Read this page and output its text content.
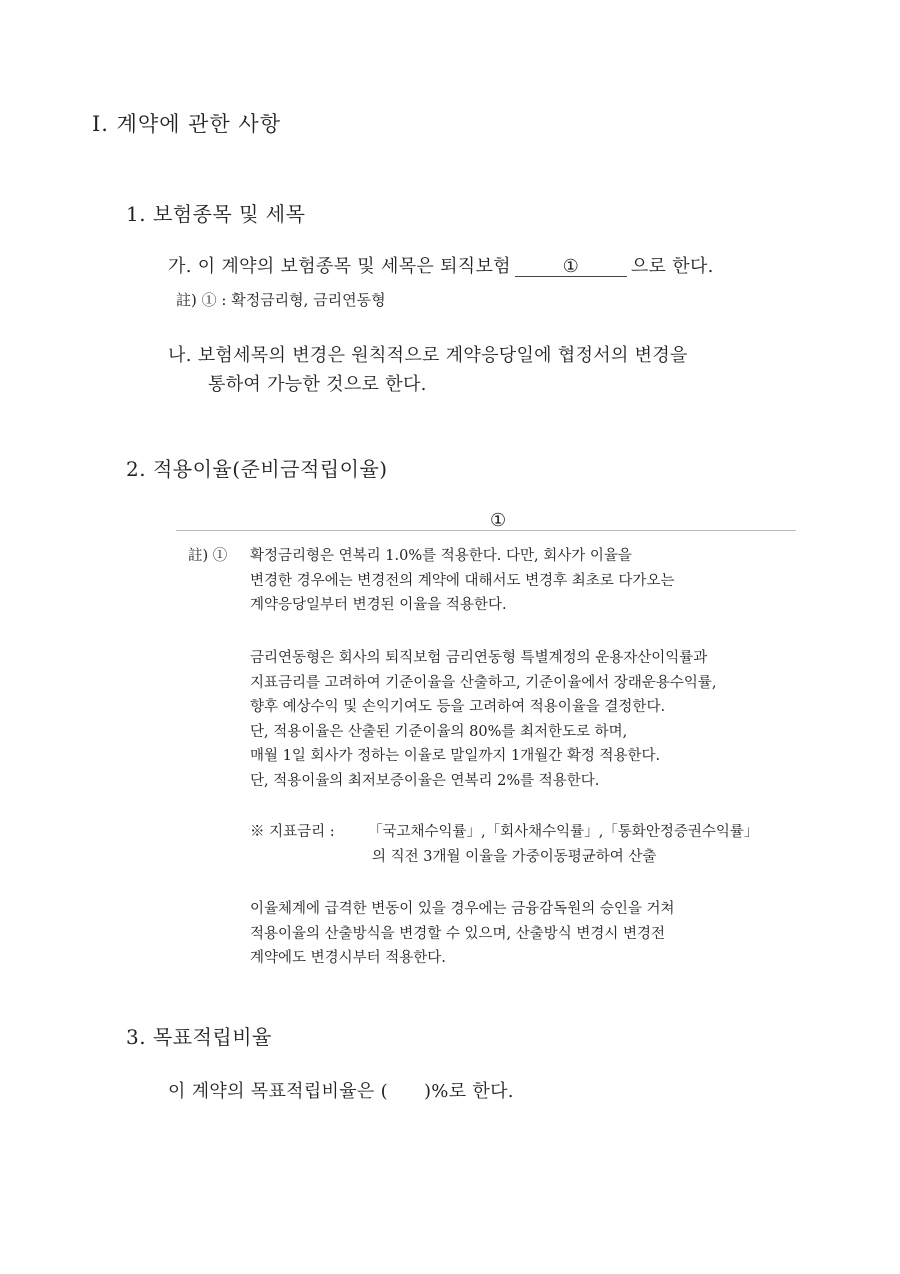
Ⅰ. 계약에 관한 사항
1. 보험종목 및 세목
가. 이 계약의 보험종목 및 세목은 퇴직보험	①	으로 한다.
註) ① : 확정금리형, 금리연동형
나. 보험세목의 변경은 원칙적으로 계약응당일에 협정서의 변경을
통하여 가능한 것으로 한다.
2. 적용이율(준비금적립이율)
①
註) ① 확정금리형은 연복리 1.0%를 적용한다. 다만, 회사가 이율을
변경한 경우에는 변경전의 계약에 대해서도 변경후 최초로 다가오는
계약응당일부터 변경된 이율을 적용한다.
금리연동형은 회사의 퇴직보험 금리연동형 특별계정의 운용자산이익률과
지표금리를 고려하여 기준이율을 산출하고, 기준이율에서 장래운용수익률,
향후 예상수익 및 손익기여도 등을 고려하여 적용이율을 결정한다.
단, 적용이율은 산출된 기준이율의 80%를 최저한도로 하며,
매월 1일 회사가 정하는 이율로 말일까지 1개월간 확정 적용한다.
단, 적용이율의 최저보증이율은 연복리 2%를 적용한다.
※ 지표금리 : 「국고채수익률」,「회사채수익률」,「통화안정증권수익률」
의 직전 3개월 이율을 가중이동평균하여 산출
이율체계에 급격한 변동이 있을 경우에는 금융감독원의 승인을 거쳐
적용이율의 산출방식을 변경할 수 있으며, 산출방식 변경시 변경전
계약에도 변경시부터 적용한다.
3. 목표적립비율
이 계약의 목표적립비율은 ( )%로 한다.
